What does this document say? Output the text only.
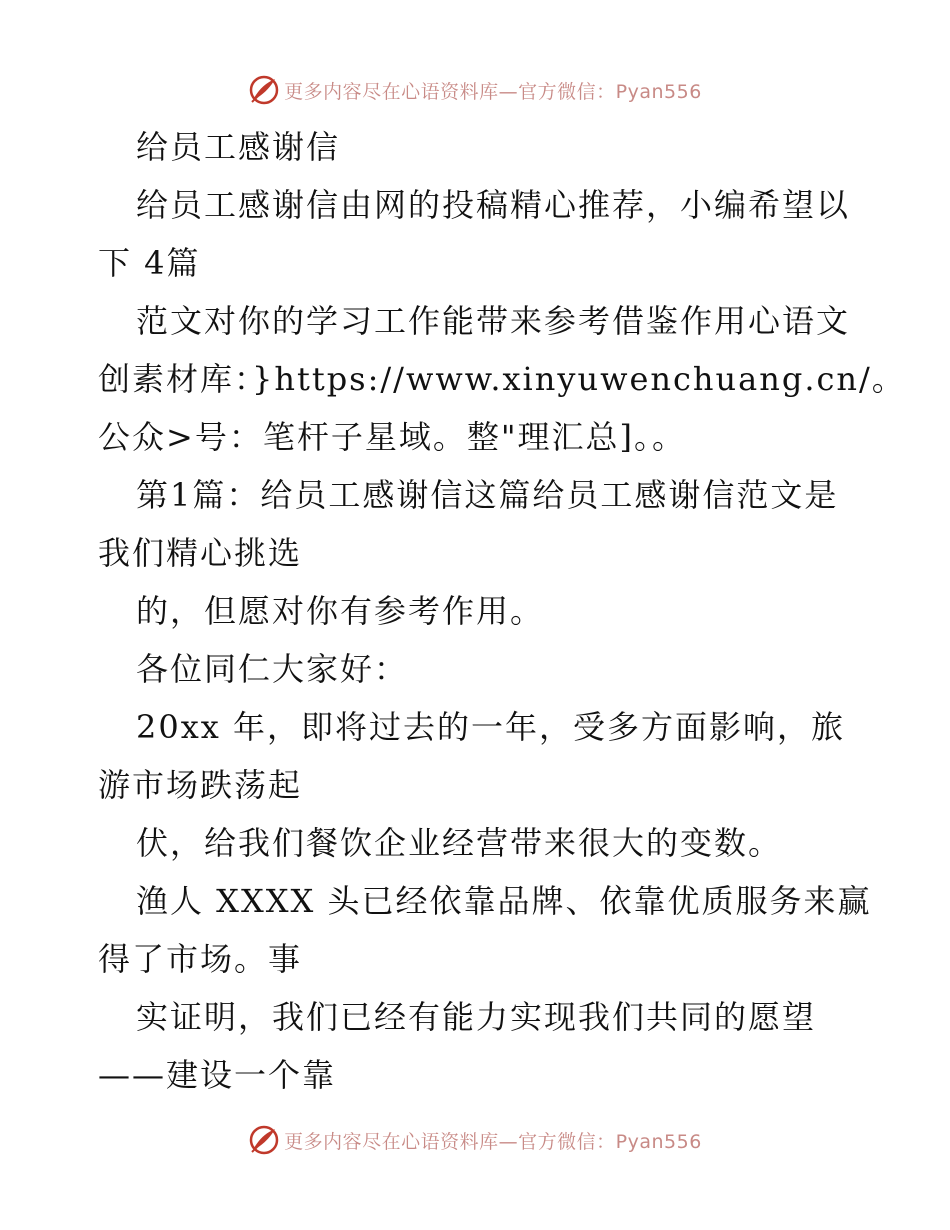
更多内容尽在心语资料库—官方微信：Pyan556
给员工感谢信
给员工感谢信由网的投稿精心推荐，小编希望以
下 4篇
范文对你的学习工作能带来参考借鉴作用心语文
创素材库：}https://www.xinyuwenchuang.cn/。
公众>号：笔杆子星域。整"理汇总]。。
第1篇：给员工感谢信这篇给员工感谢信范文是
我们精心挑选
的，但愿对你有参考作用。
各位同仁大家好：
20xx 年，即将过去的一年，受多方面影响，旅
游市场跌荡起
伏，给我们餐饮企业经营带来很大的变数。
渔人 XXXX 头已经依靠品牌、依靠优质服务来赢
得了市场。事
实证明，我们已经有能力实现我们共同的愿望
——建设一个靠
更多内容尽在心语资料库—官方微信：Pyan556
